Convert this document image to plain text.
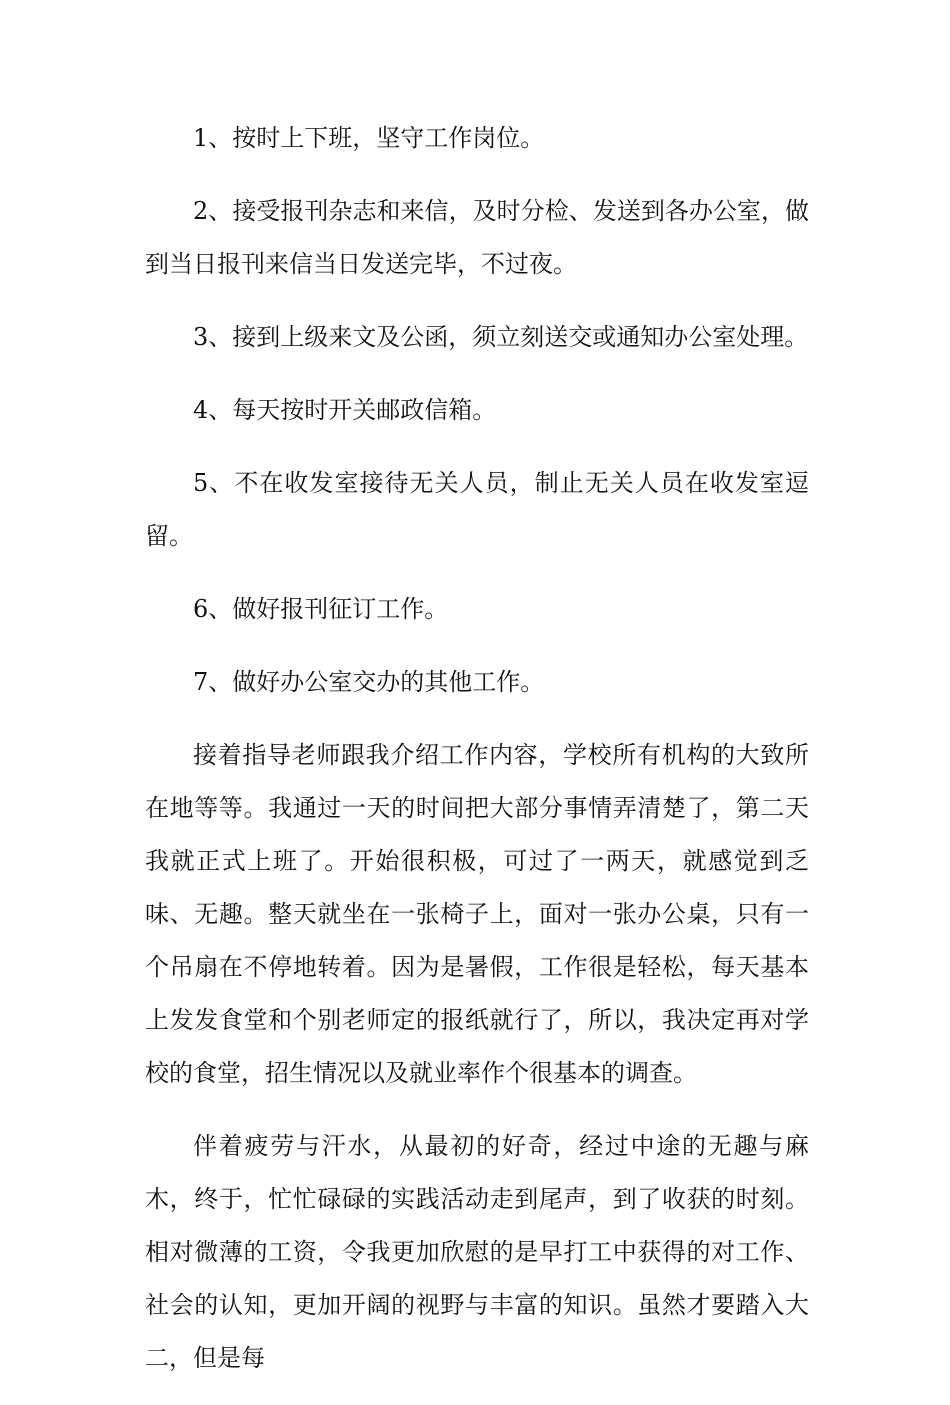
1、按时上下班，坚守工作岗位。

2、接受报刊杂志和来信，及时分检、发送到各办公室，做到当日报刊来信当日发送完毕，不过夜。

3、接到上级来文及公函，须立刻送交或通知办公室处理。

4、每天按时开关邮政信箱。

5、不在收发室接待无关人员，制止无关人员在收发室逗留。

6、做好报刊征订工作。

7、做好办公室交办的其他工作。

接着指导老师跟我介绍工作内容，学校所有机构的大致所在地等等。我通过一天的时间把大部分事情弄清楚了，第二天我就正式上班了。开始很积极，可过了一两天，就感觉到乏味、无趣。整天就坐在一张椅子上，面对一张办公桌，只有一个吊扇在不停地转着。因为是暑假，工作很是轻松，每天基本上发发食堂和个别老师定的报纸就行了，所以，我决定再对学校的食堂，招生情况以及就业率作个很基本的调查。

伴着疲劳与汗水，从最初的好奇，经过中途的无趣与麻木，终于，忙忙碌碌的实践活动走到尾声，到了收获的时刻。相对微薄的工资，令我更加欣慰的是早打工中获得的对工作、社会的认知，更加开阔的视野与丰富的知识。虽然才要踏入大二，但是每
